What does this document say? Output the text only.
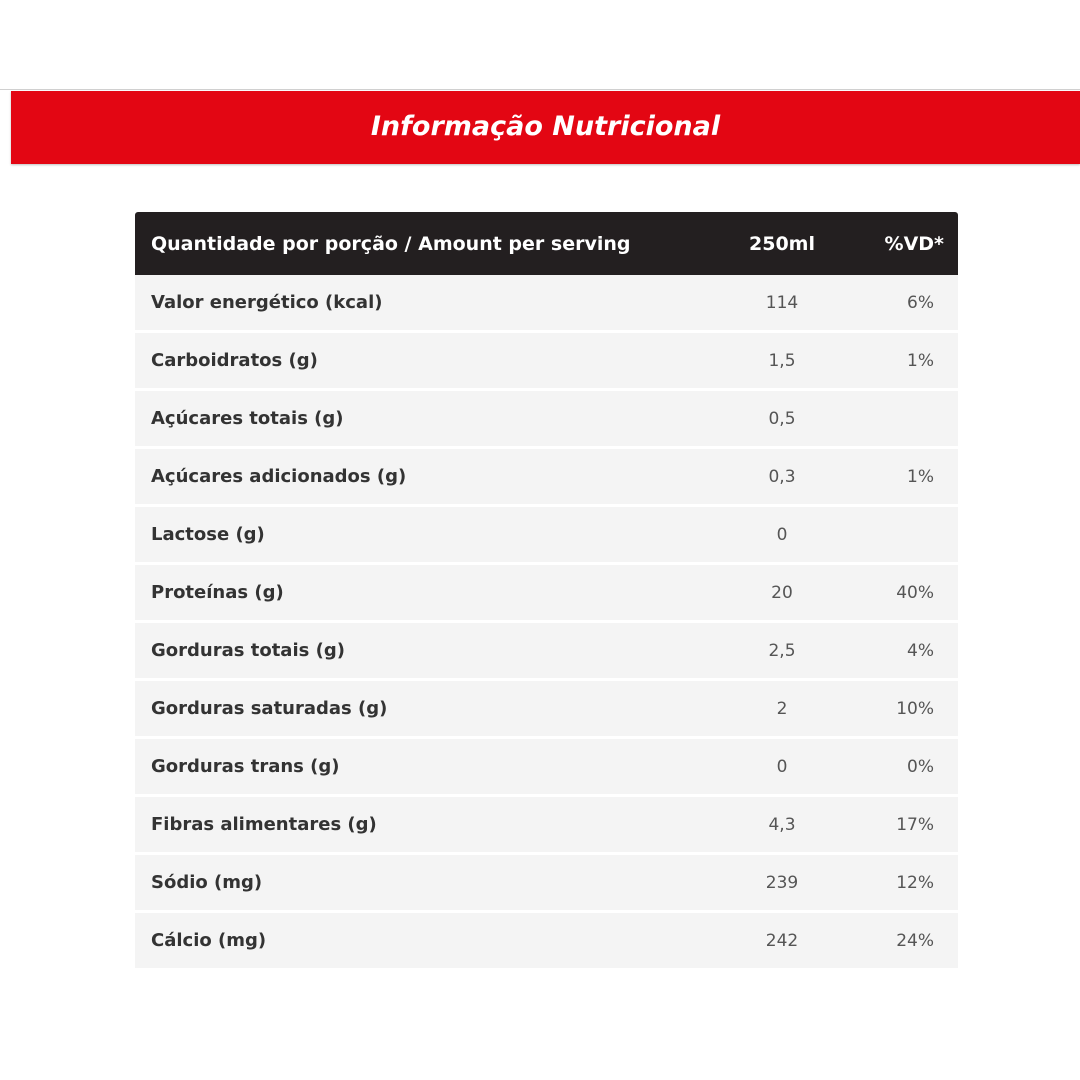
Informação Nutricional
Quantidade por porção / Amount per serving	250ml	%VD*
Valor energético (kcal)	114	6%
Carboidratos (g)	1,5	1%
Açúcares totais (g)	0,5	
Açúcares adicionados (g)	0,3	1%
Lactose (g)	0	
Proteínas (g)	20	40%
Gorduras totais (g)	2,5	4%
Gorduras saturadas (g)	2	10%
Gorduras trans (g)	0	0%
Fibras alimentares (g)	4,3	17%
Sódio (mg)	239	12%
Cálcio (mg)	242	24%
